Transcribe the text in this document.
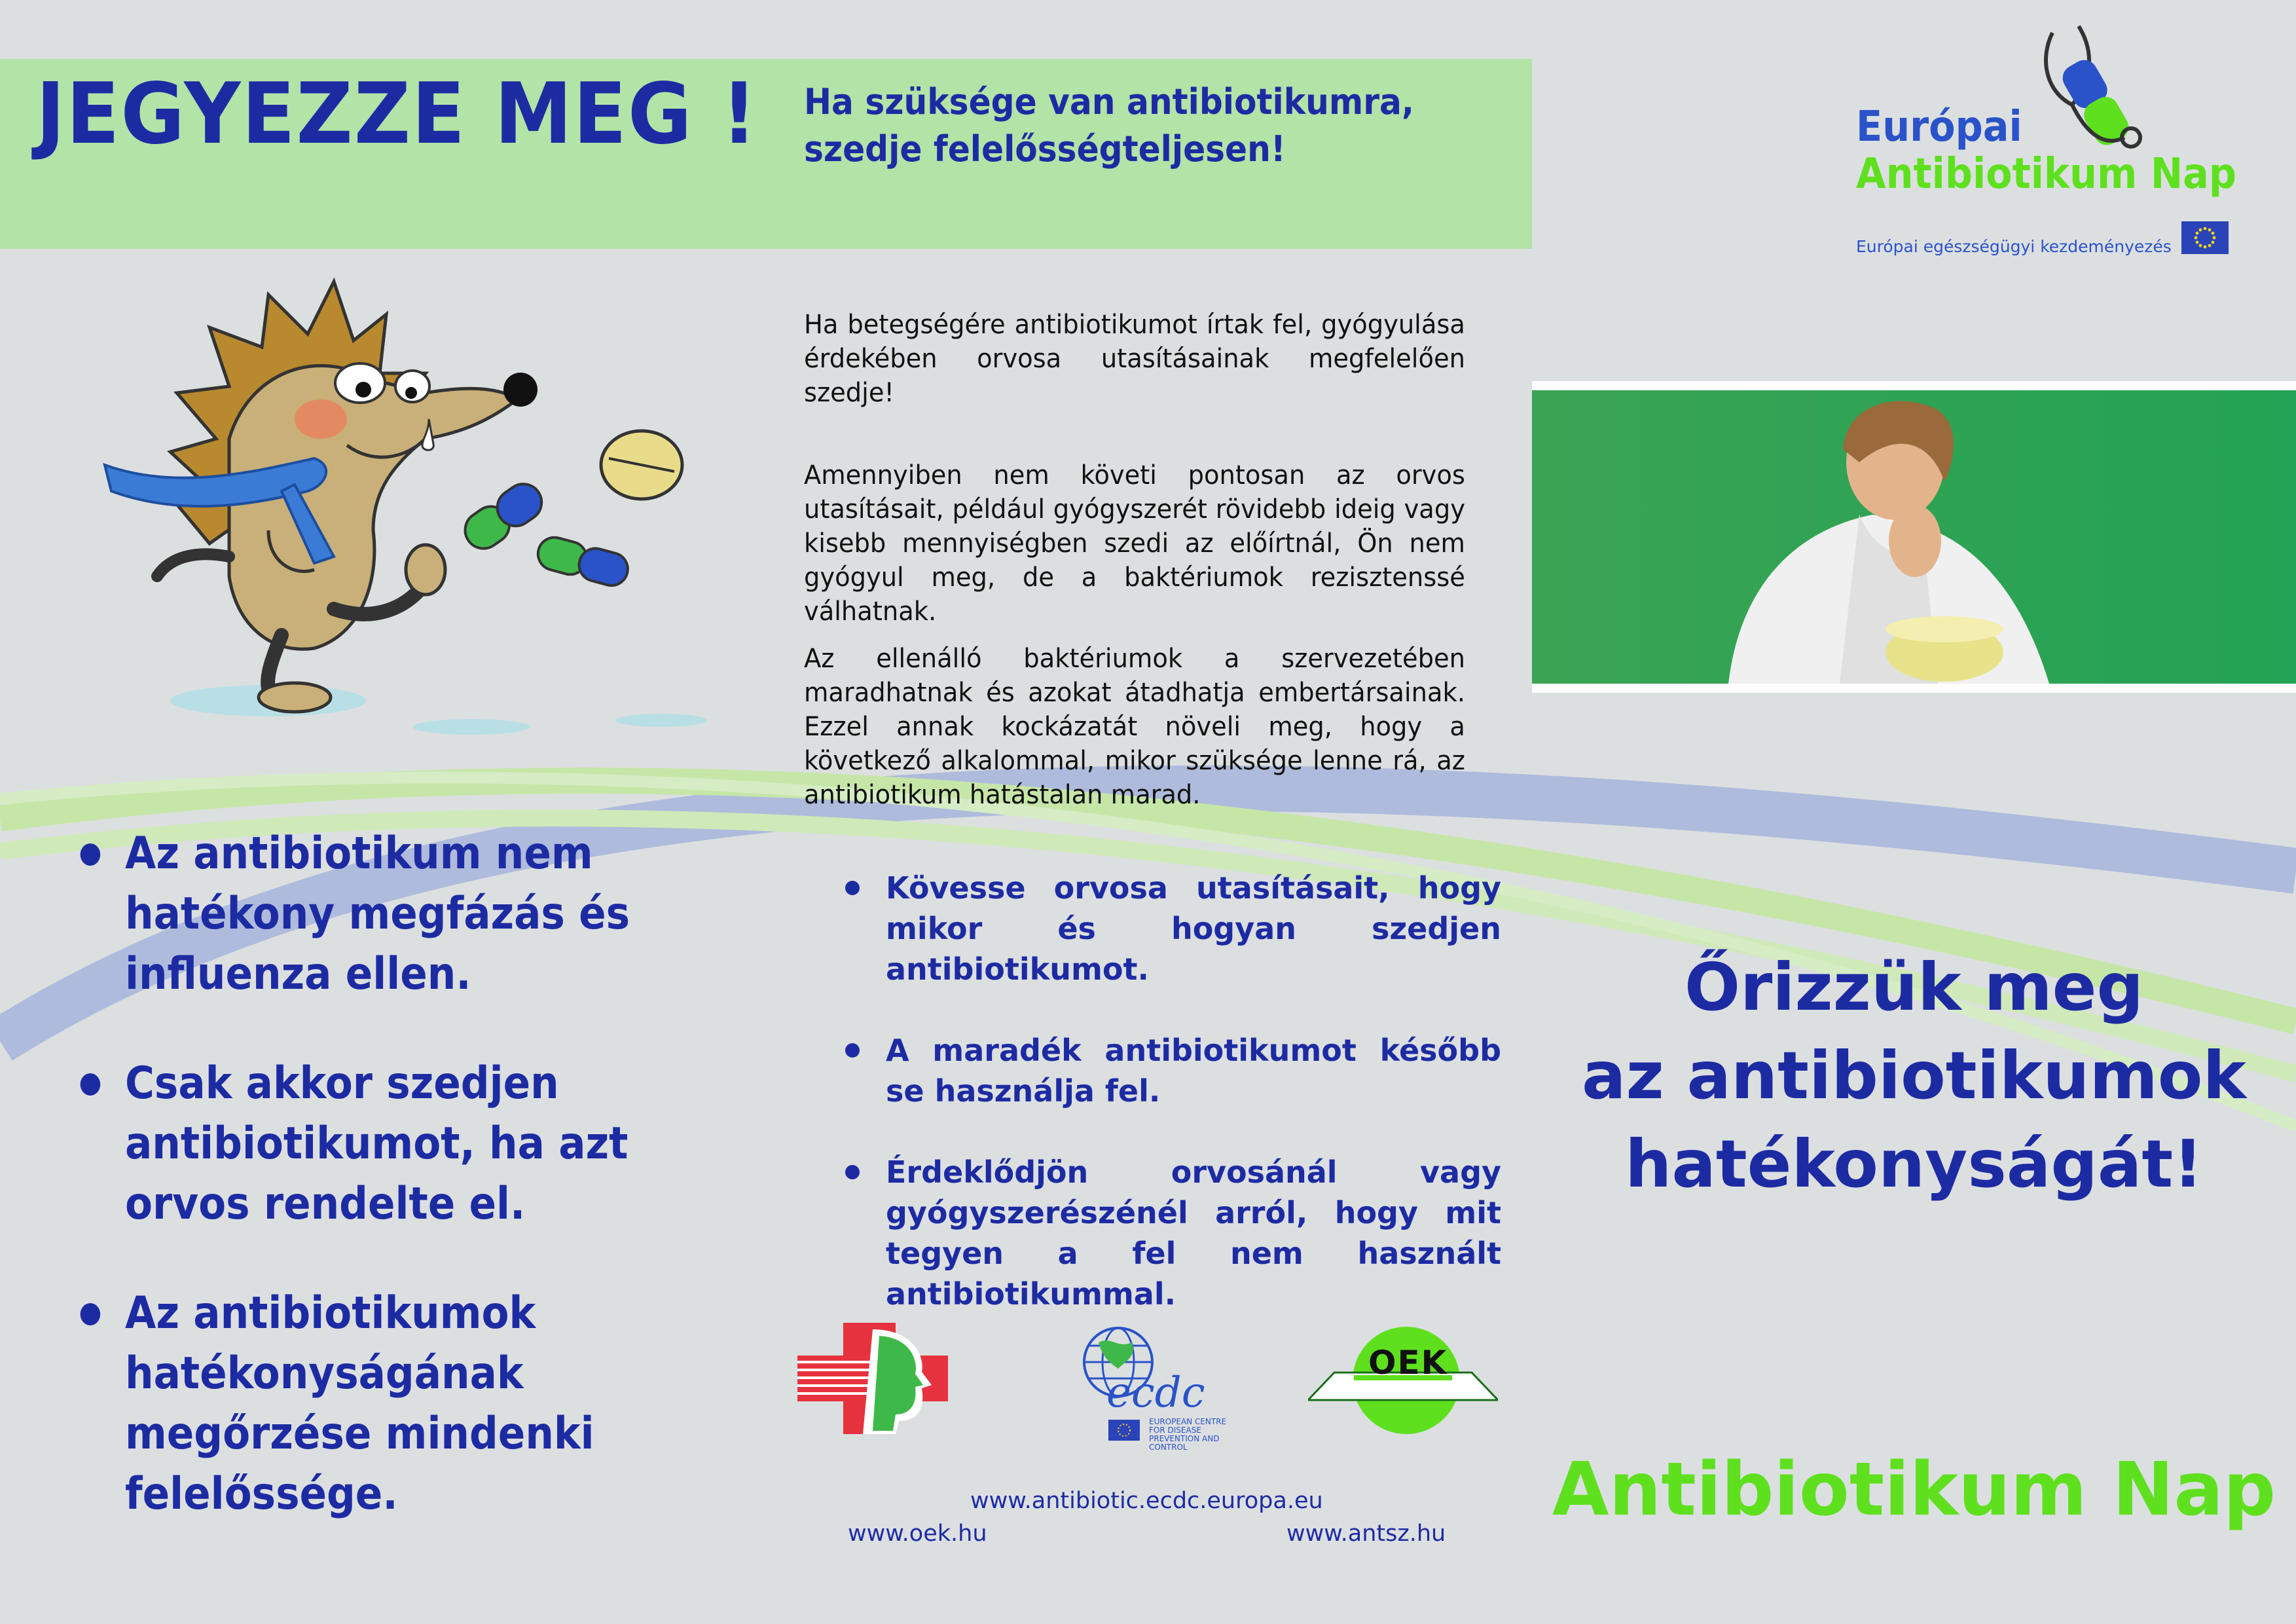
JEGYEZZE MEG ! Ha szüksége van antibiotikumra,
szedje felelősségteljesen!	Európai
Antibiotikum Nap
Európai egészségügyi kezdeményezés
Ha betegségére antibiotikumot írtak fel, gyógyulása érdekében orvosa utasításainak megfelelően szedje!
Amennyiben nem követi pontosan az orvos utasításait, például gyógyszerét rövidebb ideig vagy kisebb mennyiségben szedi az előírtnál, Ön nem gyógyul meg, de a baktériumok rezisztenssé válhatnak.
Az ellenálló baktériumok a szervezetében maradhatnak és azokat átadhatja embertársainak. Ezzel annak kockázatát növeli meg, hogy a következő alkalommal, mikor szüksége lenne rá, az antibiotikum hatástalan marad.
Az antibiotikum nem hatékony megfázás és influenza ellen.
Csak akkor szedjen antibiotikumot, ha azt orvos rendelte el.
Az antibiotikumok hatékonyságának megőrzése mindenki felelőssége.
Kövesse orvosa utasításait, hogy mikor és hogyan szedjen antibiotikumot.
A maradék antibiotikumot később se használja fel.
Érdeklődjön orvosánál vagy gyógyszerészénél arról, hogy mit tegyen a fel nem használt antibiotikummal.
Őrizzük meg
az antibiotikumok
hatékonyságát!
Antibiotikum Nap
ecdc
EUROPEAN CENTRE FOR DISEASE PREVENTION AND CONTROL
OEK
www.antibiotic.ecdc.europa.eu
www.oek.hu	www.antsz.hu
